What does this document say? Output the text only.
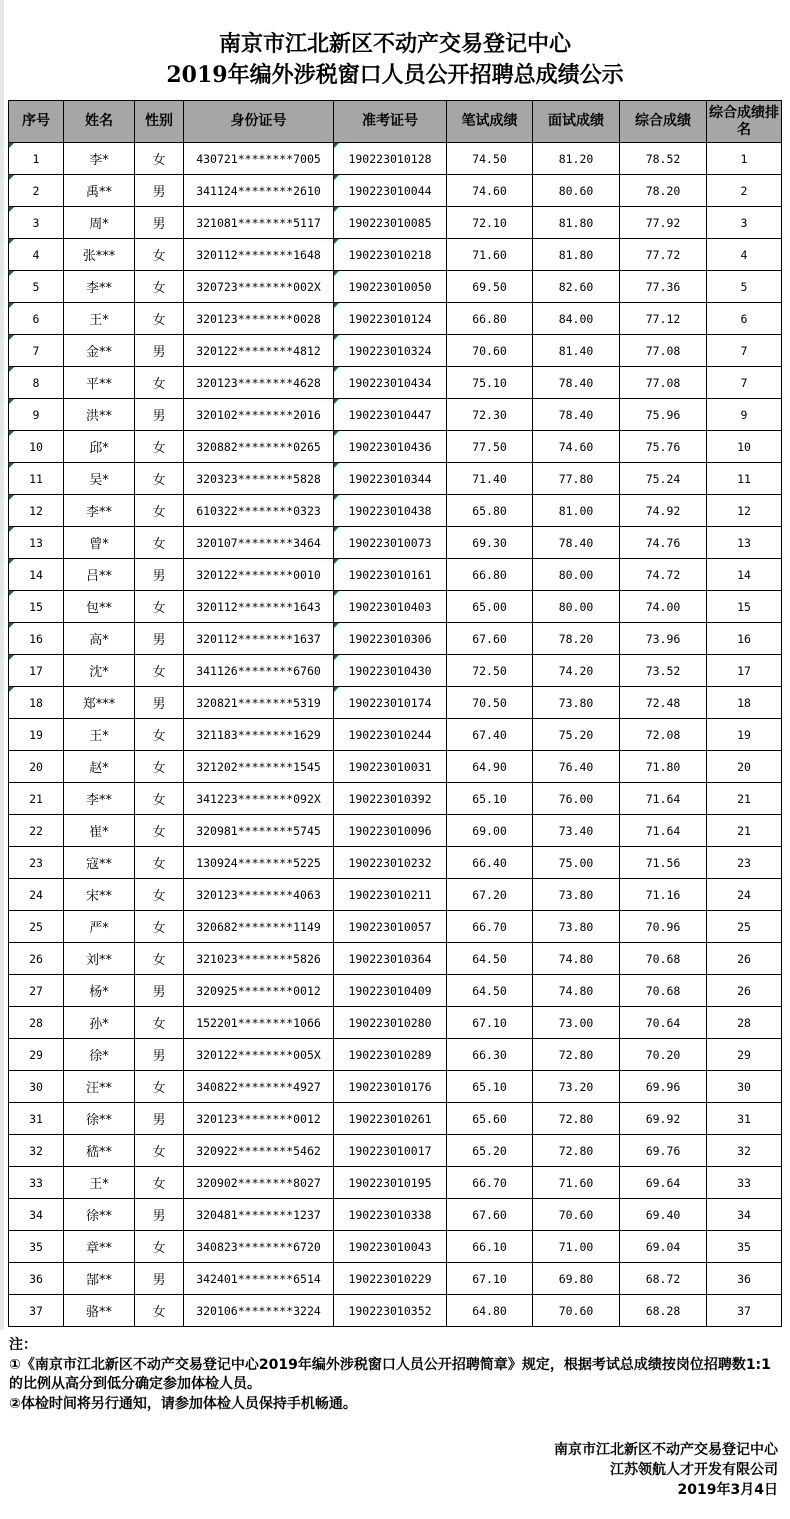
南京市江北新区不动产交易登记中心
2019年编外涉税窗口人员公开招聘总成绩公示
序号	姓名	性别	身份证号	准考证号	笔试成绩	面试成绩	综合成绩	综合成绩排名
1	李*	女	430721********7005	190223010128	74.50	81.20	78.52	1
2	禹**	男	341124********2610	190223010044	74.60	80.60	78.20	2
3	周*	男	321081********5117	190223010085	72.10	81.80	77.92	3
4	张***	女	320112********1648	190223010218	71.60	81.80	77.72	4
5	李**	女	320723********002X	190223010050	69.50	82.60	77.36	5
6	王*	女	320123********0028	190223010124	66.80	84.00	77.12	6
7	金**	男	320122********4812	190223010324	70.60	81.40	77.08	7
8	平**	女	320123********4628	190223010434	75.10	78.40	77.08	7
9	洪**	男	320102********2016	190223010447	72.30	78.40	75.96	9
10	邱*	女	320882********0265	190223010436	77.50	74.60	75.76	10
11	吴*	女	320323********5828	190223010344	71.40	77.80	75.24	11
12	李**	女	610322********0323	190223010438	65.80	81.00	74.92	12
13	曾*	女	320107********3464	190223010073	69.30	78.40	74.76	13
14	吕**	男	320122********0010	190223010161	66.80	80.00	74.72	14
15	包**	女	320112********1643	190223010403	65.00	80.00	74.00	15
16	高*	男	320112********1637	190223010306	67.60	78.20	73.96	16
17	沈*	女	341126********6760	190223010430	72.50	74.20	73.52	17
18	郑***	男	320821********5319	190223010174	70.50	73.80	72.48	18
19	王*	女	321183********1629	190223010244	67.40	75.20	72.08	19
20	赵*	女	321202********1545	190223010031	64.90	76.40	71.80	20
21	李**	女	341223********092X	190223010392	65.10	76.00	71.64	21
22	崔*	女	320981********5745	190223010096	69.00	73.40	71.64	21
23	寇**	女	130924********5225	190223010232	66.40	75.00	71.56	23
24	宋**	女	320123********4063	190223010211	67.20	73.80	71.16	24
25	严*	女	320682********1149	190223010057	66.70	73.80	70.96	25
26	刘**	女	321023********5826	190223010364	64.50	74.80	70.68	26
27	杨*	男	320925********0012	190223010409	64.50	74.80	70.68	26
28	孙*	女	152201********1066	190223010280	67.10	73.00	70.64	28
29	徐*	男	320122********005X	190223010289	66.30	72.80	70.20	29
30	汪**	女	340822********4927	190223010176	65.10	73.20	69.96	30
31	徐**	男	320123********0012	190223010261	65.60	72.80	69.92	31
32	嵇**	女	320922********5462	190223010017	65.20	72.80	69.76	32
33	王*	女	320902********8027	190223010195	66.70	71.60	69.64	33
34	徐**	男	320481********1237	190223010338	67.60	70.60	69.40	34
35	章**	女	340823********6720	190223010043	66.10	71.00	69.04	35
36	郜**	男	342401********6514	190223010229	67.10	69.80	68.72	36
37	骆**	女	320106********3224	190223010352	64.80	70.60	68.28	37
注：
①《南京市江北新区不动产交易登记中心2019年编外涉税窗口人员公开招聘简章》规定，根据考试总成绩按岗位招聘数1:1的比例从高分到低分确定参加体检人员。
②体检时间将另行通知，请参加体检人员保持手机畅通。
南京市江北新区不动产交易登记中心
江苏领航人才开发有限公司
2019年3月4日
